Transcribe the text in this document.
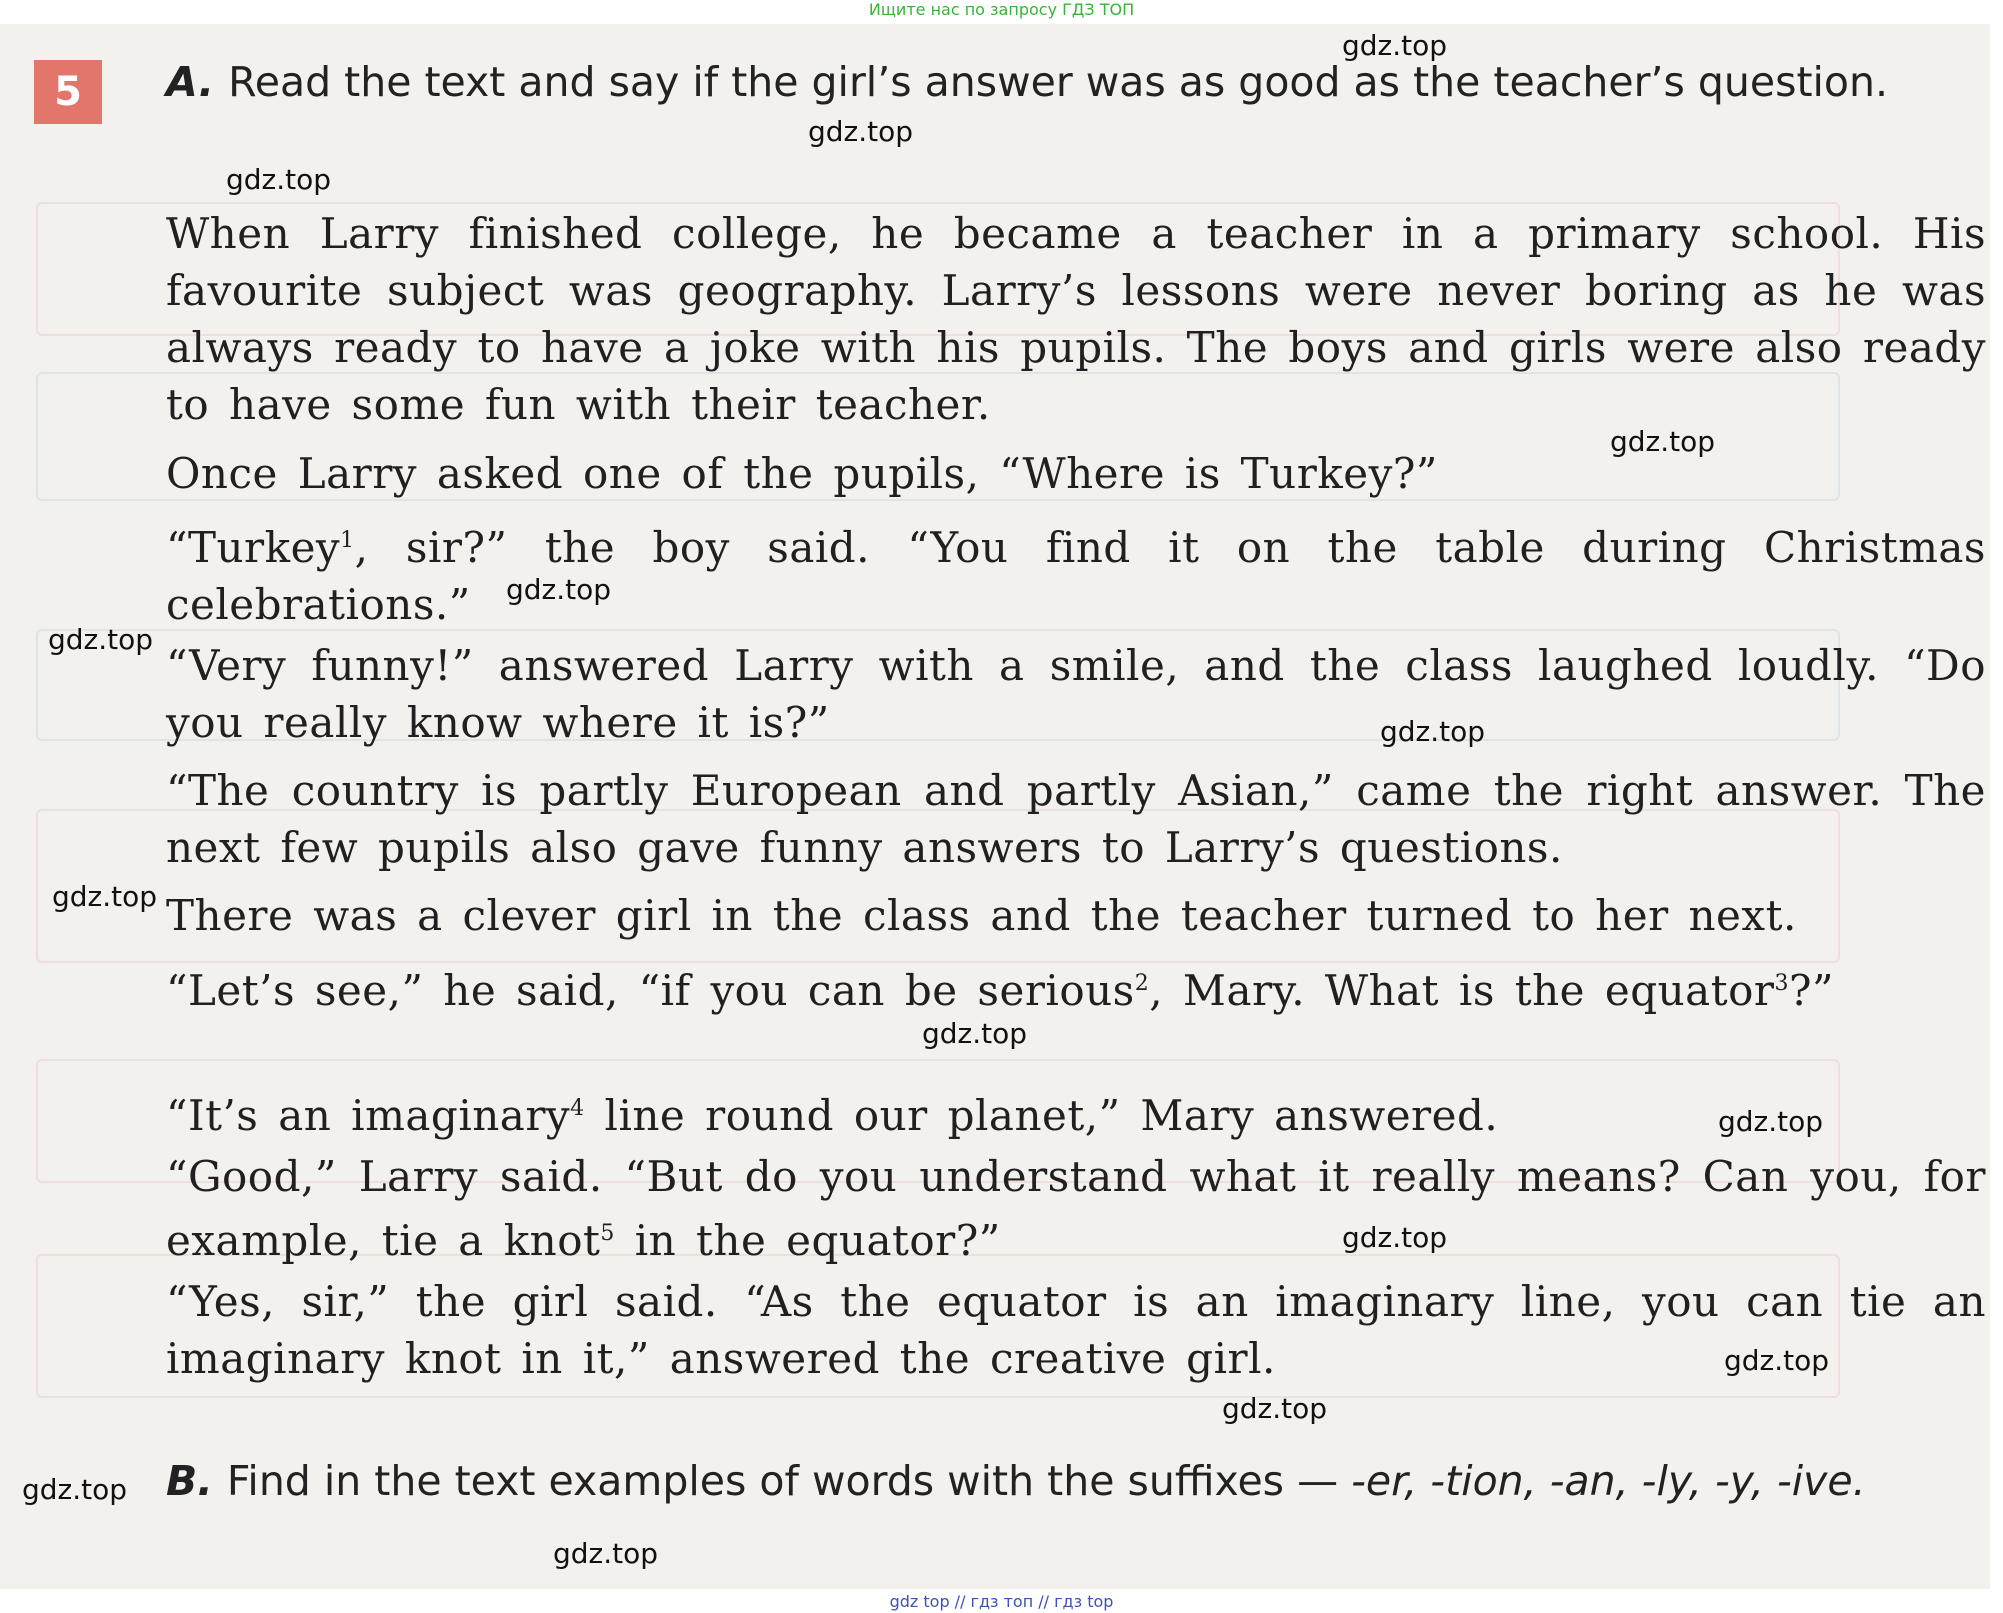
Ищите нас по запросу ГДЗ ТОП
5	A. Read the text and say if the girl’s answer was as good as the teacher’s question.
When Larry finished college, he became a teacher in a primary school. His favourite subject was geography. Larry’s lessons were never boring as he was always ready to have a joke with his pupils. The boys and girls were also ready to have some fun with their teacher.
Once Larry asked one of the pupils, “Where is Turkey?”
“Turkey$^1$, sir?” the boy said. “You find it on the table during Christmas celebrations.”
“Very funny!” answered Larry with a smile, and the class laughed loudly. “Do you really know where it is?”
“The country is partly European and partly Asian,” came the right answer. The next few pupils also gave funny answers to Larry’s questions.
There was a clever girl in the class and the teacher turned to her next.
“Let’s see,” he said, “if you can be serious$^2$, Mary. What is the equator$^3$?”
“It’s an imaginary$^4$ line round our planet,” Mary answered.
“Good,” Larry said. “But do you understand what it really means? Can you, for example, tie a knot$^5$ in the equator?”
“Yes, sir,” the girl said. “As the equator is an imaginary line, you can tie an imaginary knot in it,” answered the creative girl.
B. Find in the text examples of words with the suffixes — -er, -tion, -an, -ly, -y, -ive.
gdz.top
gdz.top
gdz.top
gdz.top
gdz.top
gdz.top
gdz.top
gdz.top
gdz.top
gdz.top
gdz.top
gdz.top
gdz.top
gdz.top
gdz.top
gdz top // гдз топ // гдз top
